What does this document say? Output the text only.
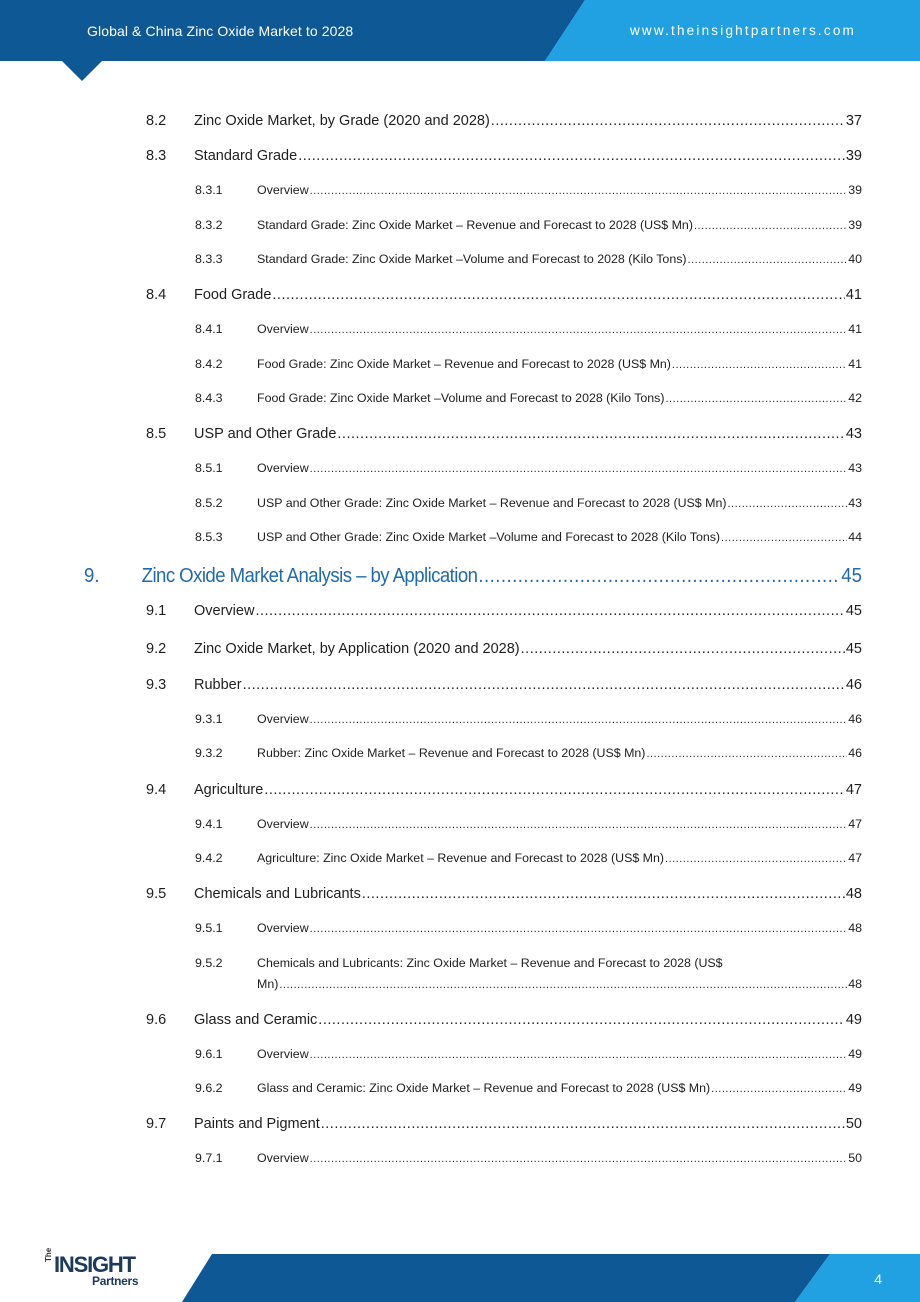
Global & China Zinc Oxide Market to 2028	www.theinsightpartners.com
8.2	Zinc Oxide Market, by Grade (2020 and 2028) .....	37
8.3	Standard Grade .....	39
8.3.1	Overview .....	39
8.3.2	Standard Grade: Zinc Oxide Market – Revenue and Forecast to 2028 (US$ Mn) .....	39
8.3.3	Standard Grade: Zinc Oxide Market –Volume and Forecast to 2028 (Kilo Tons) .....	40
8.4	Food Grade .....	41
8.4.1	Overview .....	41
8.4.2	Food Grade: Zinc Oxide Market – Revenue and Forecast to 2028 (US$ Mn) .....	41
8.4.3	Food Grade: Zinc Oxide Market –Volume and Forecast to 2028 (Kilo Tons) .....	42
8.5	USP and Other Grade .....	43
8.5.1	Overview .....	43
8.5.2	USP and Other Grade: Zinc Oxide Market – Revenue and Forecast to 2028 (US$ Mn) .....	43
8.5.3	USP and Other Grade: Zinc Oxide Market –Volume and Forecast to 2028 (Kilo Tons) .....	44
9.	Zinc Oxide Market Analysis – by Application .....	45
9.1	Overview .....	45
9.2	Zinc Oxide Market, by Application (2020 and 2028) .....	45
9.3	Rubber .....	46
9.3.1	Overview .....	46
9.3.2	Rubber: Zinc Oxide Market – Revenue and Forecast to 2028 (US$ Mn) .....	46
9.4	Agriculture .....	47
9.4.1	Overview .....	47
9.4.2	Agriculture: Zinc Oxide Market – Revenue and Forecast to 2028 (US$ Mn) .....	47
9.5	Chemicals and Lubricants .....	48
9.5.1	Overview .....	48
9.5.2	Chemicals and Lubricants: Zinc Oxide Market – Revenue and Forecast to 2028 (US$
Mn) .....	48
9.6	Glass and Ceramic .....	49
9.6.1	Overview .....	49
9.6.2	Glass and Ceramic: Zinc Oxide Market – Revenue and Forecast to 2028 (US$ Mn) .....	49
9.7	Paints and Pigment .....	50
9.7.1	Overview .....	50
The INSIGHT
Partners	4
